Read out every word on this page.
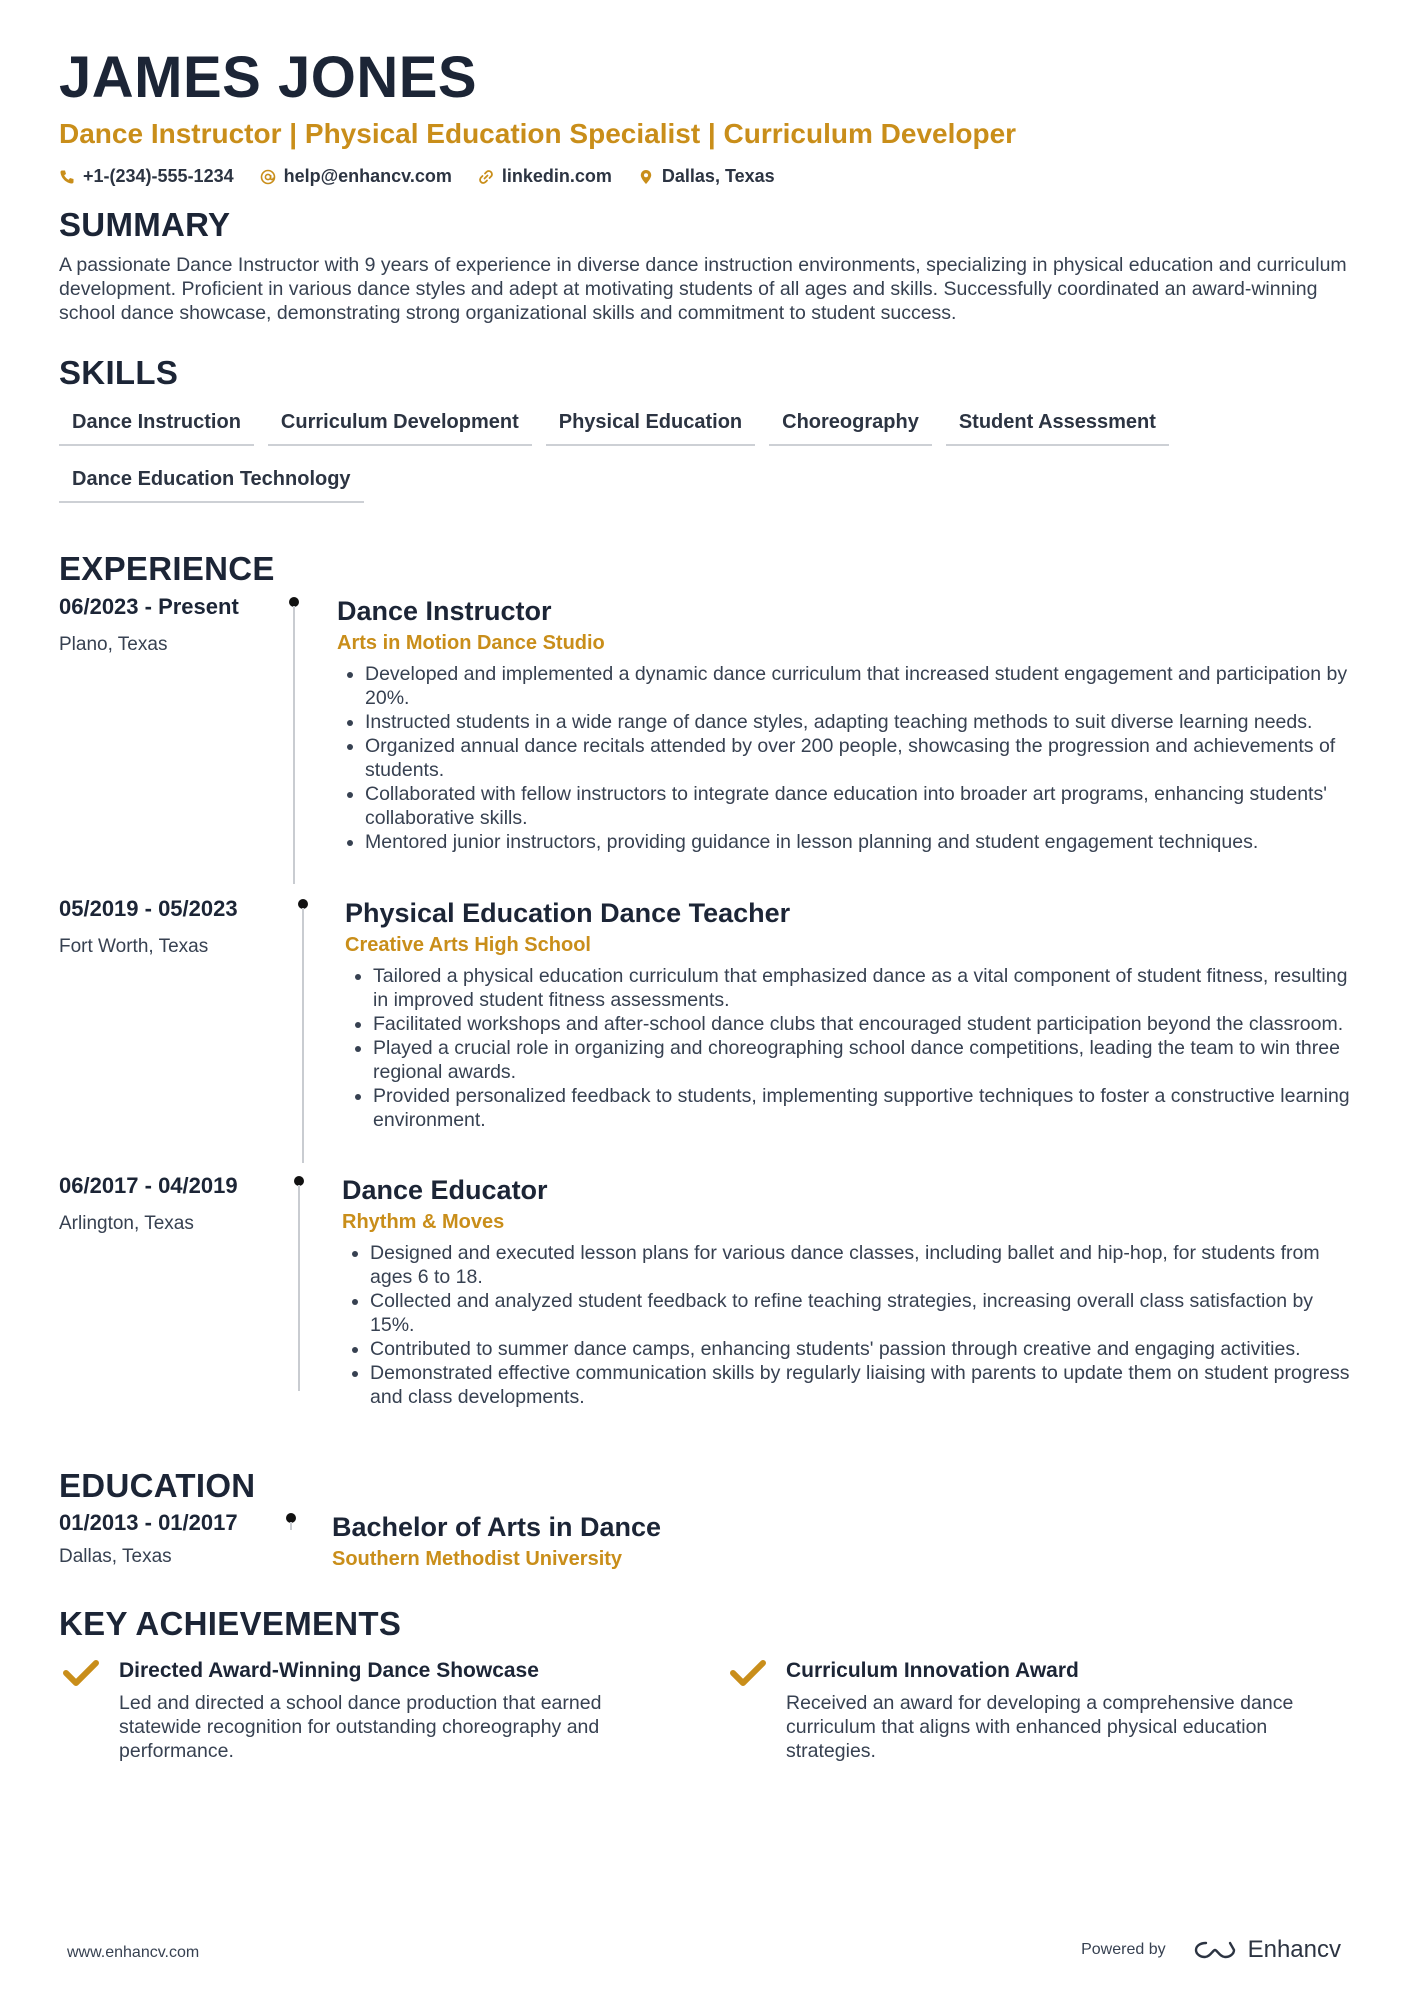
JAMES JONES
Dance Instructor | Physical Education Specialist | Curriculum Developer
+1-(234)-555-1234	help@enhancv.com	linkedin.com	Dallas, Texas
SUMMARY
A passionate Dance Instructor with 9 years of experience in diverse dance instruction environments, specializing in physical education and curriculum development. Proficient in various dance styles and adept at motivating students of all ages and skills. Successfully coordinated an award-winning school dance showcase, demonstrating strong organizational skills and commitment to student success.
SKILLS
Dance Instruction	Curriculum Development	Physical Education	Choreography	Student Assessment
Dance Education Technology
EXPERIENCE
06/2023 - Present
Plano, Texas
Dance Instructor
Arts in Motion Dance Studio
• Developed and implemented a dynamic dance curriculum that increased student engagement and participation by 20%.
• Instructed students in a wide range of dance styles, adapting teaching methods to suit diverse learning needs.
• Organized annual dance recitals attended by over 200 people, showcasing the progression and achievements of students.
• Collaborated with fellow instructors to integrate dance education into broader art programs, enhancing students' collaborative skills.
• Mentored junior instructors, providing guidance in lesson planning and student engagement techniques.
05/2019 - 05/2023
Fort Worth, Texas
Physical Education Dance Teacher
Creative Arts High School
• Tailored a physical education curriculum that emphasized dance as a vital component of student fitness, resulting in improved student fitness assessments.
• Facilitated workshops and after-school dance clubs that encouraged student participation beyond the classroom.
• Played a crucial role in organizing and choreographing school dance competitions, leading the team to win three regional awards.
• Provided personalized feedback to students, implementing supportive techniques to foster a constructive learning environment.
06/2017 - 04/2019
Arlington, Texas
Dance Educator
Rhythm & Moves
• Designed and executed lesson plans for various dance classes, including ballet and hip-hop, for students from ages 6 to 18.
• Collected and analyzed student feedback to refine teaching strategies, increasing overall class satisfaction by 15%.
• Contributed to summer dance camps, enhancing students' passion through creative and engaging activities.
• Demonstrated effective communication skills by regularly liaising with parents to update them on student progress and class developments.
EDUCATION
01/2013 - 01/2017
Dallas, Texas
Bachelor of Arts in Dance
Southern Methodist University
KEY ACHIEVEMENTS
Directed Award-Winning Dance Showcase
Led and directed a school dance production that earned statewide recognition for outstanding choreography and performance.
Curriculum Innovation Award
Received an award for developing a comprehensive dance curriculum that aligns with enhanced physical education strategies.
www.enhancv.com	Powered by	Enhancv
